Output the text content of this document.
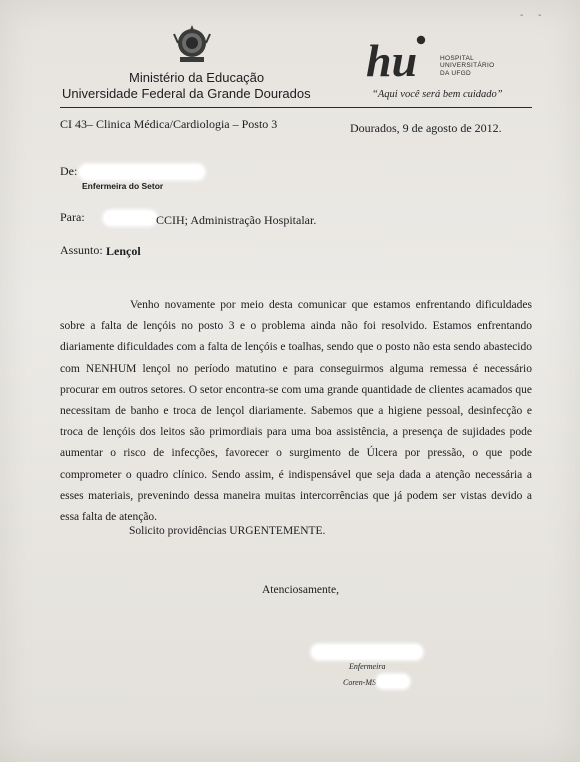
- -
Ministério da Educação
Universidade Federal da Grande Dourados
hu	HOSPITAL
UNIVERSITÁRIO
DA UFGD
“Aqui você será bem cuidado”
CI 43– Clinica Médica/Cardiologia – Posto 3	Dourados, 9 de agosto de 2012.
De:
Enfermeira do Setor
Para:	CCIH; Administração Hospitalar.
Assunto: Lençol
Venho novamente por meio desta comunicar que estamos enfrentando dificuldades sobre a falta de lençóis no posto 3 e o problema ainda não foi resolvido. Estamos enfrentando diariamente dificuldades com a falta de lençóis e toalhas, sendo que o posto não esta sendo abastecido com NENHUM lençol no período matutino e para conseguirmos alguma remessa é necessário procurar em outros setores. O setor encontra-se com uma grande quantidade de clientes acamados que necessitam de banho e troca de lençol diariamente. Sabemos que a higiene pessoal, desinfecção e troca de lençóis dos leitos são primordiais para uma boa assistência, a presença de sujidades pode aumentar o risco de infecções, favorecer o surgimento de Úlcera por pressão, o que pode comprometer o quadro clínico. Sendo assim, é indispensável que seja dada a atenção necessária a esses materiais, prevenindo dessa maneira muitas intercorrências que já podem ser vistas devido a essa falta de atenção.
Solicito providências URGENTEMENTE.
Atenciosamente,
Enfermeira
Coren-MS
